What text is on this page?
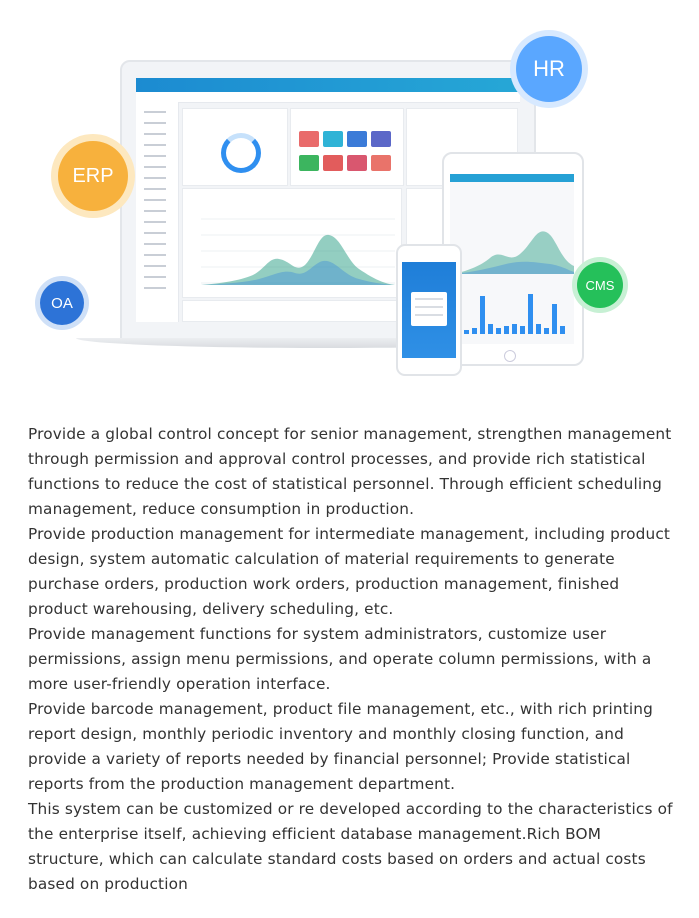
HR
ERP
OA
CMS

Provide a global control concept for senior management, strengthen management through permission and approval control processes, and provide rich statistical functions to reduce the cost of statistical personnel. Through efficient scheduling management, reduce consumption in production.

Provide production management for intermediate management, including product design, system automatic calculation of material requirements to generate purchase orders, production work orders, production management, finished product warehousing, delivery scheduling, etc.

Provide management functions for system administrators, customize user permissions, assign menu permissions, and operate column permissions, with a more user-friendly operation interface.

Provide barcode management, product file management, etc., with rich printing report design, monthly periodic inventory and monthly closing function, and provide a variety of reports needed by financial personnel; Provide statistical reports from the production management department.

This system can be customized or re developed according to the characteristics of the enterprise itself, achieving efficient database management.Rich BOM structure, which can calculate standard costs based on orders and actual costs based on production
